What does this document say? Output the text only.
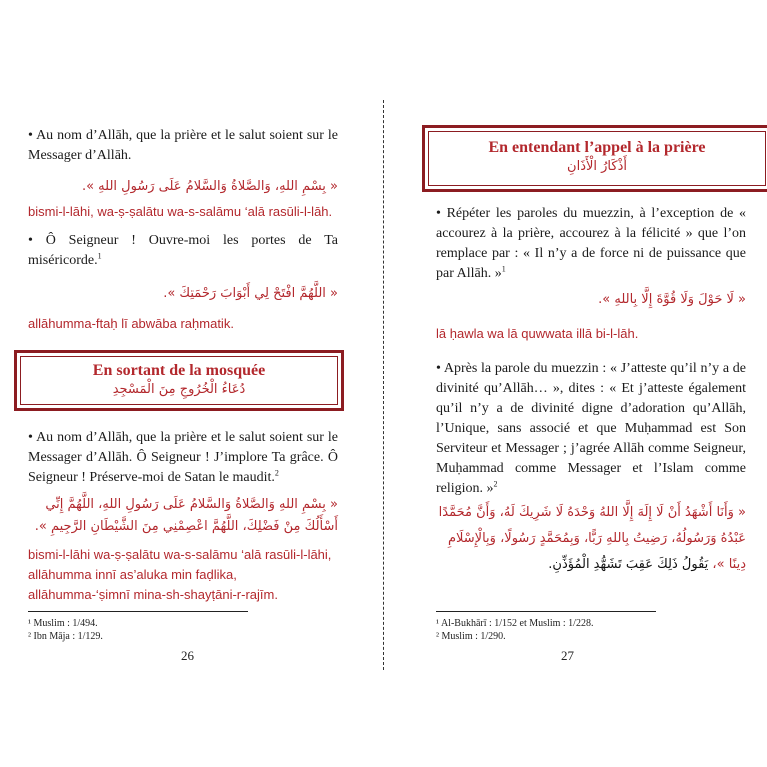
• Au nom d’Allāh, que la prière et le salut soient sur le Messager d’Allāh.

« بِسْمِ اللهِ، وَالصَّلاةُ وَالسَّلامُ عَلَى رَسُولِ اللهِ ».

bismi-l-lāhi, wa-ṣ-ṣalātu wa-s-salāmu ‘alā rasūli-l-lāh.

• Ô Seigneur ! Ouvre-moi les portes de Ta miséricorde.$^1$

« اللَّهُمَّ افْتَحْ لِي أَبْوَابَ رَحْمَتِكَ ».

allāhumma-ftaḥ lī abwāba raḥmatik.

En sortant de la mosquée
دُعَاءُ الْخُرُوجِ مِنَ الْمَسْجِدِ

• Au nom d’Allāh, que la prière et le salut soient sur le Messager d’Allāh. Ô Seigneur ! J’implore Ta grâce. Ô Seigneur ! Préserve-moi de Satan le maudit.$^2$

« بِسْمِ اللهِ وَالصَّلاةُ وَالسَّلامُ عَلَى رَسُولِ اللهِ، اللَّهُمَّ إِنِّي أَسْأَلُكَ مِنْ فَضْلِكَ، اللَّهُمَّ اعْصِمْنِي مِنَ الشَّيْطَانِ الرَّجِيمِ ».

bismi-l-lāhi wa-ṣ-ṣalātu wa-s-salāmu ‘alā rasūli-l-lāhi, allāhumma innī as’aluka min faḍlika, allāhumma-‘ṣimnī mina-sh-shayṭāni-r-rajīm.

¹ Muslim : 1/494.
² Ibn Māja : 1/129.
26
En entendant l’appel à la prière
أَذْكَارُ الْأَذَانِ

• Répéter les paroles du muezzin, à l’exception de « accourez à la prière, accourez à la félicité » que l’on remplace par : « Il n’y a de force ni de puissance que par Allāh. »$^1$

« لَا حَوْلَ وَلَا قُوَّةَ إِلَّا بِاللهِ ».

lā ḥawla wa lā quwwata illā bi-l-lāh.

• Après la parole du muezzin : « J’atteste qu’il n’y a de divinité qu’Allāh… », dites : « Et j’atteste également qu’il n’y a de divinité digne d’adoration qu’Allāh, l’Unique, sans associé et que Muḥammad est Son Serviteur et Messager ; j’agrée Allāh comme Seigneur, Muḥammad comme Messager et l’Islam comme religion. »$^2$

« وَأَنَا أَشْهَدُ أَنْ لَا إِلَهَ إِلَّا اللهُ وَحْدَهُ لَا شَرِيكَ لَهُ، وَأَنَّ مُحَمَّدًا عَبْدُهُ وَرَسُولُهُ، رَضِيتُ بِاللهِ رَبًّا، وَبِمُحَمَّدٍ رَسُولًا، وَبِالْإِسْلَامِ دِينًا »، يَقُولُ ذَلِكَ عَقِبَ تَشَهُّدِ الْمُؤَذِّنِ.

¹ Al-Bukhārī : 1/152 et Muslim : 1/228.
² Muslim : 1/290.
27
